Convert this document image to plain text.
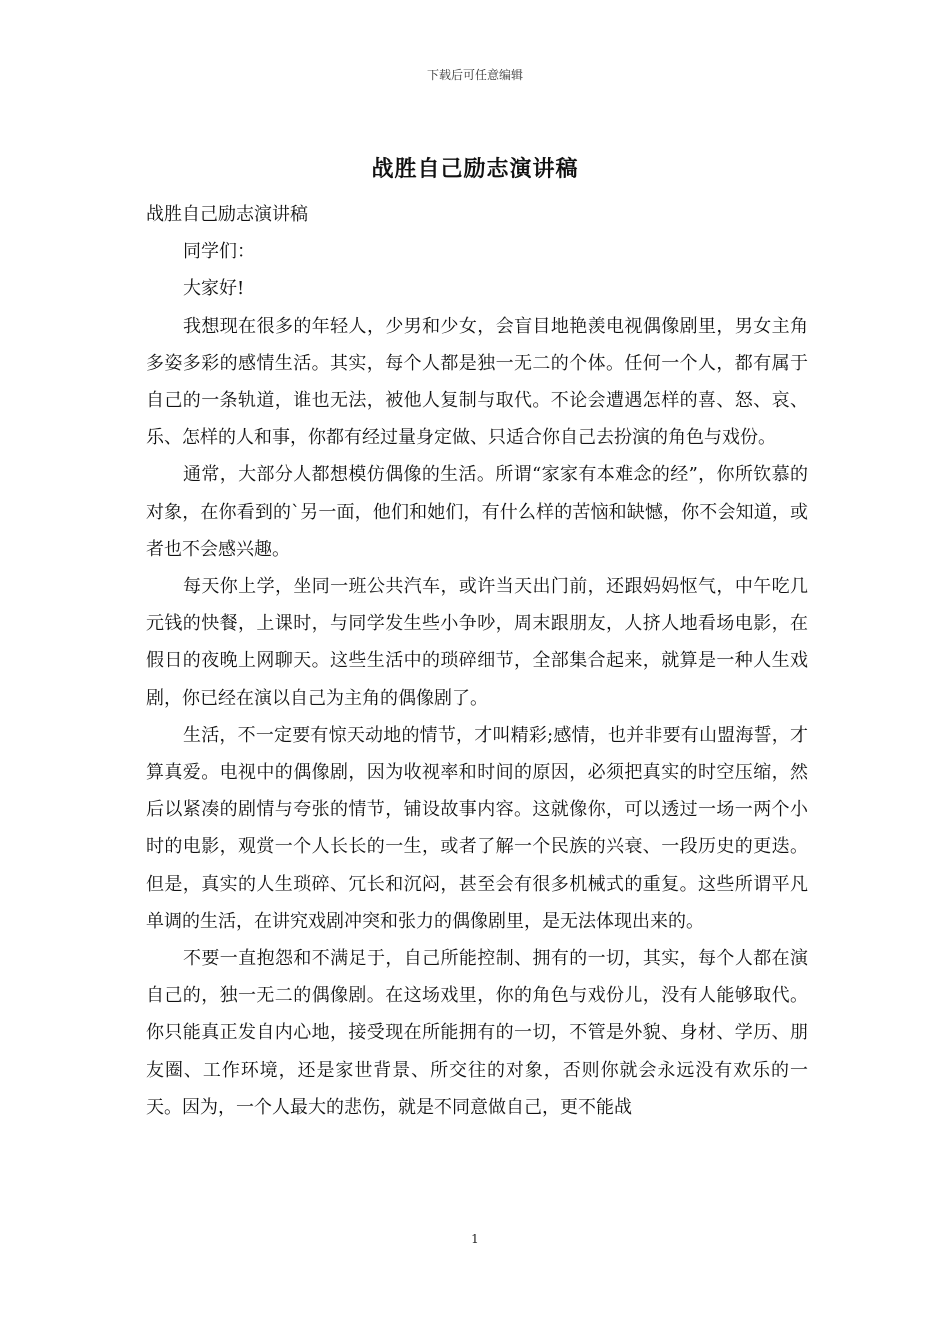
下载后可任意编辑
战胜自己励志演讲稿

战胜自己励志演讲稿

同学们：

大家好!

我想现在很多的年轻人，少男和少女，会盲目地艳羡电视偶像剧里，男女主角多姿多彩的感情生活。其实，每个人都是独一无二的个体。任何一个人，都有属于自己的一条轨道，谁也无法，被他人复制与取代。不论会遭遇怎样的喜、怒、哀、乐、怎样的人和事，你都有经过量身定做、只适合你自己去扮演的角色与戏份。

通常，大部分人都想模仿偶像的生活。所谓“家家有本难念的经”，你所钦慕的对象，在你看到的`另一面，他们和她们，有什么样的苦恼和缺憾，你不会知道，或者也不会感兴趣。

每天你上学，坐同一班公共汽车，或许当天出门前，还跟妈妈怄气，中午吃几元钱的快餐，上课时，与同学发生些小争吵，周末跟朋友，人挤人地看场电影，在假日的夜晚上网聊天。这些生活中的琐碎细节，全部集合起来，就算是一种人生戏剧，你已经在演以自己为主角的偶像剧了。

生活，不一定要有惊天动地的情节，才叫精彩;感情，也并非要有山盟海誓，才算真爱。电视中的偶像剧，因为收视率和时间的原因，必须把真实的时空压缩，然后以紧凑的剧情与夸张的情节，铺设故事内容。这就像你，可以透过一场一两个小时的电影，观赏一个人长长的一生，或者了解一个民族的兴衰、一段历史的更迭。但是，真实的人生琐碎、冗长和沉闷，甚至会有很多机械式的重复。这些所谓平凡单调的生活，在讲究戏剧冲突和张力的偶像剧里，是无法体现出来的。

不要一直抱怨和不满足于，自己所能控制、拥有的一切，其实，每个人都在演自己的，独一无二的偶像剧。在这场戏里，你的角色与戏份儿，没有人能够取代。你只能真正发自内心地，接受现在所能拥有的一切，不管是外貌、身材、学历、朋友圈、工作环境，还是家世背景、所交往的对象，否则你就会永远没有欢乐的一天。因为，一个人最大的悲伤，就是不同意做自己，更不能战

1
